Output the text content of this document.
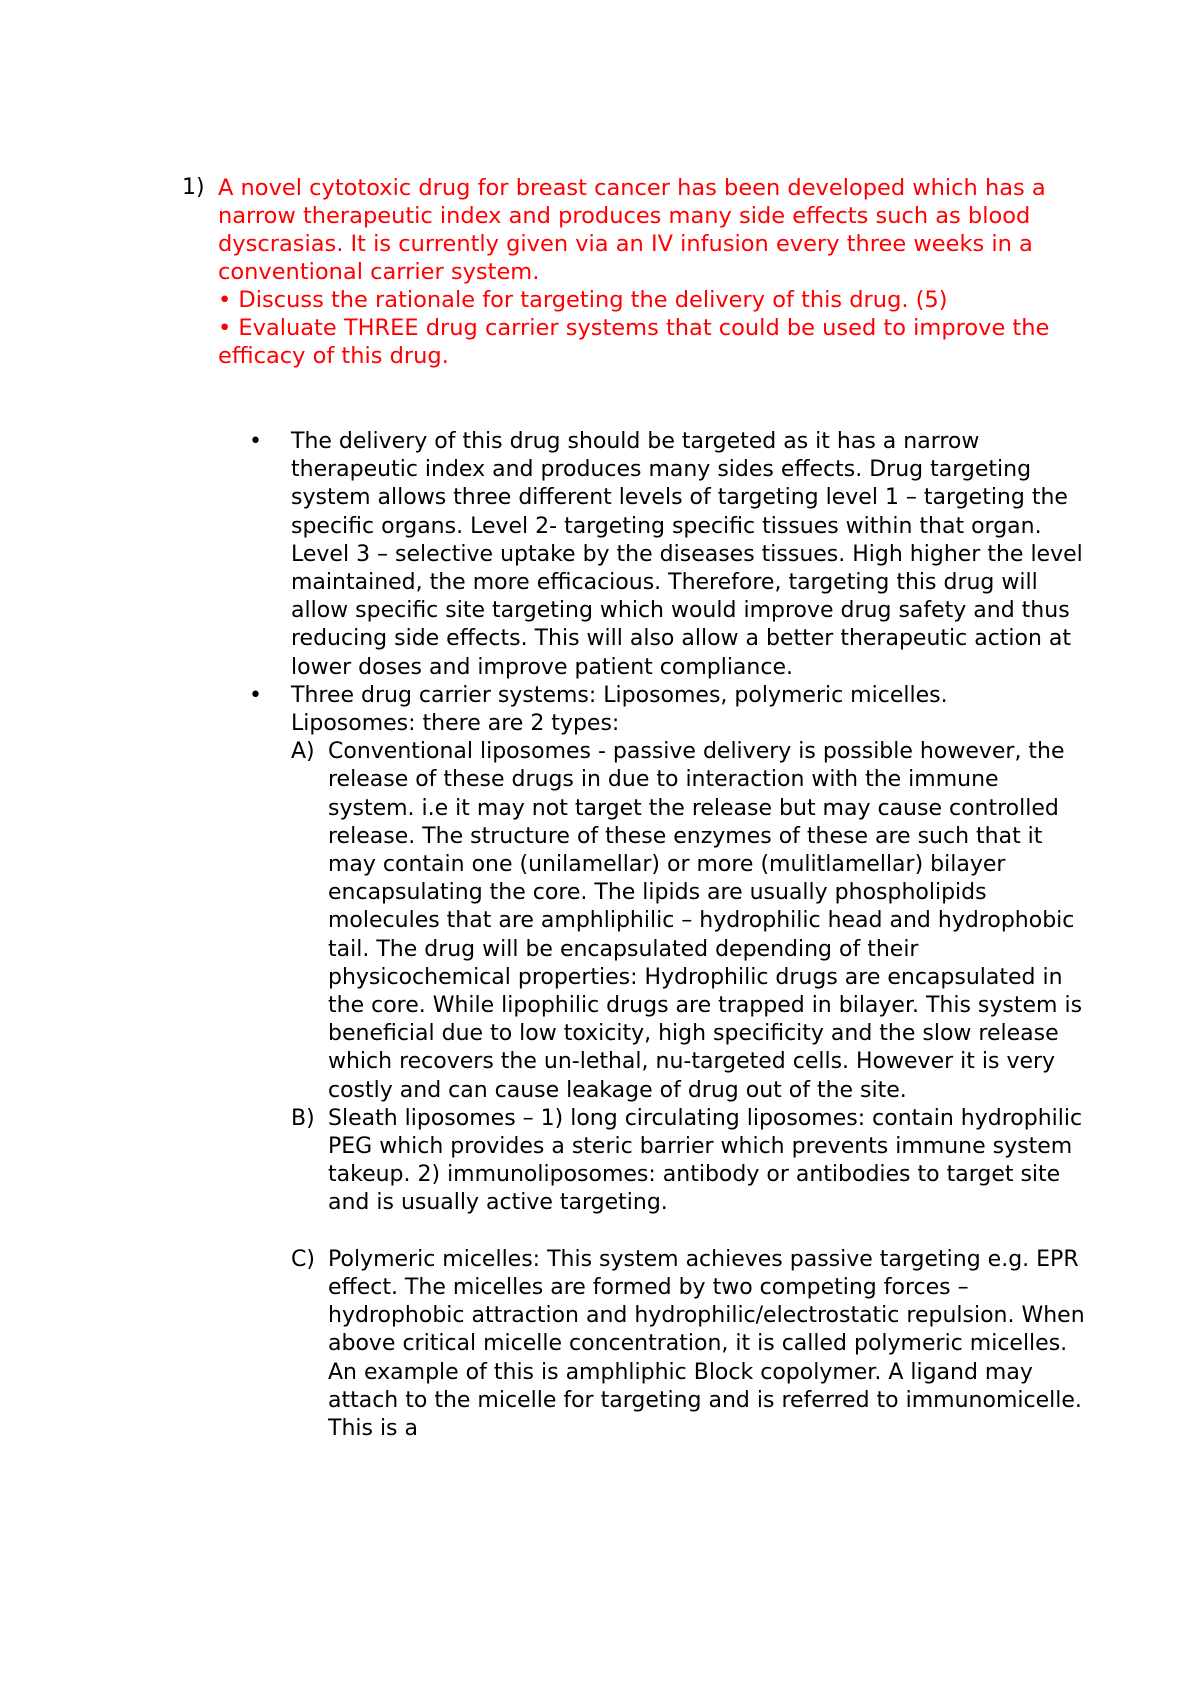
1) A novel cytotoxic drug for breast cancer has been developed which has a narrow therapeutic index and produces many side effects such as blood dyscrasias. It is currently given via an IV infusion every three weeks in a conventional carrier system.

• Discuss the rationale for targeting the delivery of this drug. (5)

• Evaluate THREE drug carrier systems that could be used to improve the efficacy of this drug.

• The delivery of this drug should be targeted as it has a narrow therapeutic index and produces many sides effects. Drug targeting system allows three different levels of targeting level 1 – targeting the specific organs. Level 2- targeting specific tissues within that organ. Level 3 – selective uptake by the diseases tissues. High higher the level maintained, the more efficacious. Therefore, targeting this drug will allow specific site targeting which would improve drug safety and thus reducing side effects. This will also allow a better therapeutic action at lower doses and improve patient compliance.

• Three drug carrier systems: Liposomes, polymeric micelles.

Liposomes: there are 2 types:

A) Conventional liposomes - passive delivery is possible however, the release of these drugs in due to interaction with the immune system. i.e it may not target the release but may cause controlled release. The structure of these enzymes of these are such that it may contain one (unilamellar) or more (mulitlamellar) bilayer encapsulating the core. The lipids are usually phospholipids molecules that are amphliphilic – hydrophilic head and hydrophobic tail. The drug will be encapsulated depending of their physicochemical properties: Hydrophilic drugs are encapsulated in the core. While lipophilic drugs are trapped in bilayer. This system is beneficial due to low toxicity, high specificity and the slow release which recovers the un-lethal, nu-targeted cells. However it is very costly and can cause leakage of drug out of the site.

B) Sleath liposomes – 1) long circulating liposomes: contain hydrophilic PEG which provides a steric barrier which prevents immune system takeup. 2) immunoliposomes: antibody or antibodies to target site and is usually active targeting.

C) Polymeric micelles: This system achieves passive targeting e.g. EPR effect. The micelles are formed by two competing forces – hydrophobic attraction and hydrophilic/electrostatic repulsion. When above critical micelle concentration, it is called polymeric micelles. An example of this is amphliphic Block copolymer. A ligand may attach to the micelle for targeting and is referred to immunomicelle. This is a
